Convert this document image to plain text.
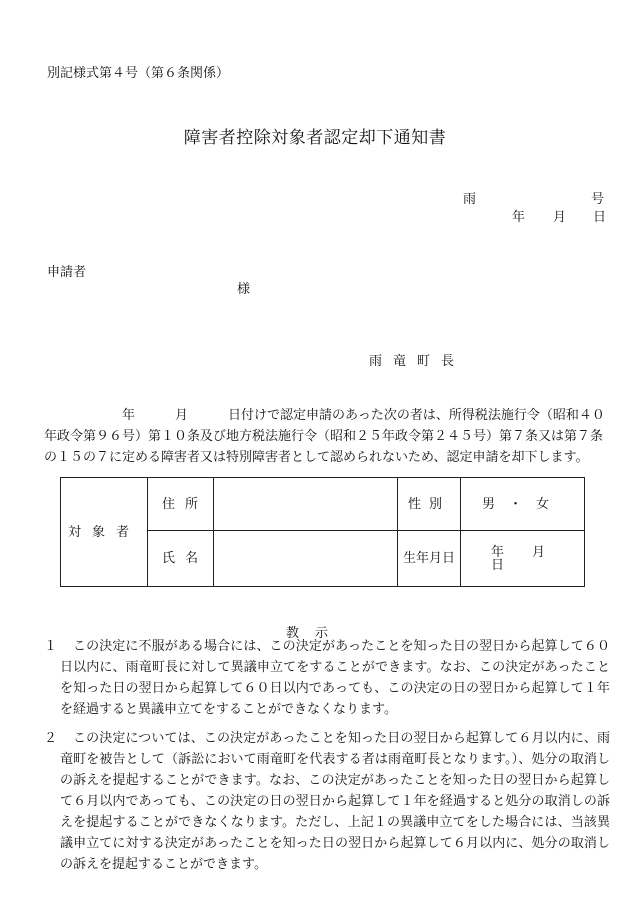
別記様式第４号（第６条関係）
障害者控除対象者認定却下通知書
雨	号
年 月 日
申請者
様
雨竜町長
年	月	日付けで認定申請のあった次の者は、所得税法施行令（昭和４０
年政令第９６号）第１０条及び地方税法施行令（昭和２５年政令第２４５号）第７条又は第７条
の１５の７に定める障害者又は特別障害者として認められないため、認定申請を却下します。
対象者	住所		性別	男・女
	氏名		生年月日	年 月日
教示
１	この決定に不服がある場合には、この決定があったことを知った日の翌日から起算して６０日以内に、雨竜町長に対して異議申立てをすることができます。なお、この決定があったことを知った日の翌日から起算して６０日以内であっても、この決定の日の翌日から起算して１年を経過すると異議申立てをすることができなくなります。
２	この決定については、この決定があったことを知った日の翌日から起算して６月以内に、雨竜町を被告として（訴訟において雨竜町を代表する者は雨竜町長となります。）、処分の取消しの訴えを提起することができます。なお、この決定があったことを知った日の翌日から起算して６月以内であっても、この決定の日の翌日から起算して１年を経過すると処分の取消しの訴えを提起することができなくなります。ただし、上記１の異議申立てをした場合には、当該異議申立てに対する決定があったことを知った日の翌日から起算して６月以内に、処分の取消しの訴えを提起することができます。
